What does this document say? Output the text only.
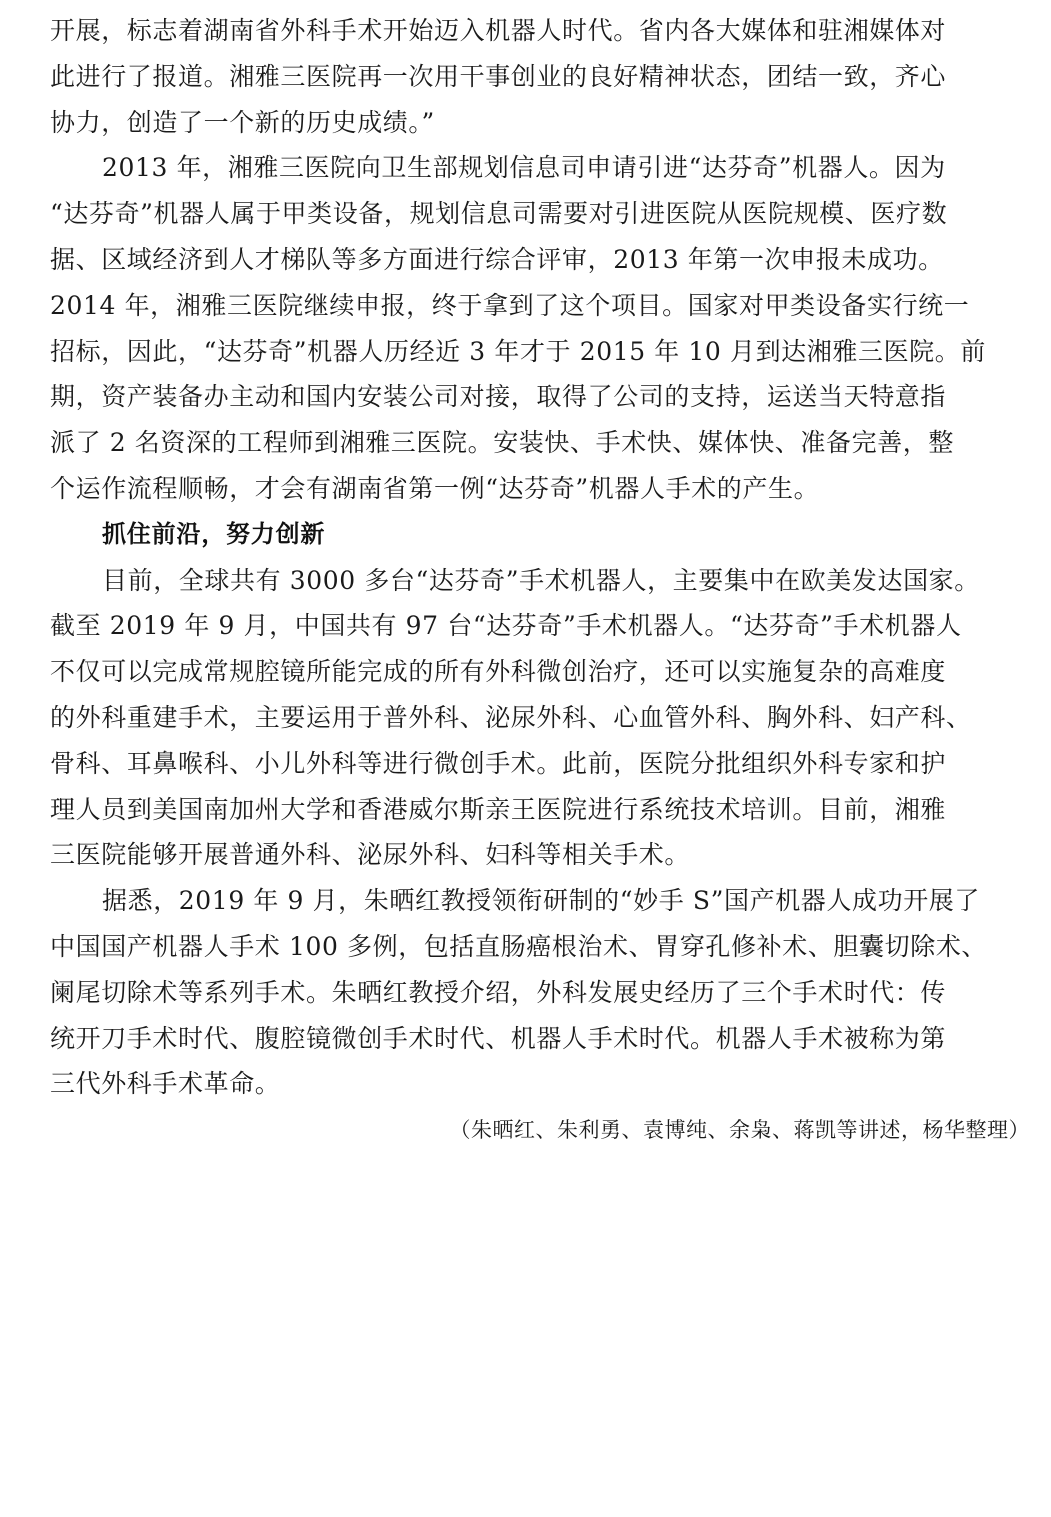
开展，标志着湖南省外科手术开始迈入机器人时代。省内各大媒体和驻湘媒体对
此进行了报道。湘雅三医院再一次用干事创业的良好精神状态，团结一致，齐心
协力，创造了一个新的历史成绩。”

2013 年，湘雅三医院向卫生部规划信息司申请引进“达芬奇”机器人。因为
“达芬奇”机器人属于甲类设备，规划信息司需要对引进医院从医院规模、医疗数
据、区域经济到人才梯队等多方面进行综合评审，2013 年第一次申报未成功。
2014 年，湘雅三医院继续申报，终于拿到了这个项目。国家对甲类设备实行统一
招标，因此，“达芬奇”机器人历经近 3 年才于 2015 年 10 月到达湘雅三医院。前
期，资产装备办主动和国内安装公司对接，取得了公司的支持，运送当天特意指
派了 2 名资深的工程师到湘雅三医院。安装快、手术快、媒体快、准备完善，整
个运作流程顺畅，才会有湖南省第一例“达芬奇”机器人手术的产生。

抓住前沿，努力创新

目前，全球共有 3000 多台“达芬奇”手术机器人，主要集中在欧美发达国家。
截至 2019 年 9 月，中国共有 97 台“达芬奇”手术机器人。“达芬奇”手术机器人
不仅可以完成常规腔镜所能完成的所有外科微创治疗，还可以实施复杂的高难度
的外科重建手术，主要运用于普外科、泌尿外科、心血管外科、胸外科、妇产科、
骨科、耳鼻喉科、小儿外科等进行微创手术。此前，医院分批组织外科专家和护
理人员到美国南加州大学和香港威尔斯亲王医院进行系统技术培训。目前，湘雅
三医院能够开展普通外科、泌尿外科、妇科等相关手术。

据悉，2019 年 9 月，朱晒红教授领衔研制的“妙手 S”国产机器人成功开展了
中国国产机器人手术 100 多例，包括直肠癌根治术、胃穿孔修补术、胆囊切除术、
阑尾切除术等系列手术。朱晒红教授介绍，外科发展史经历了三个手术时代：传
统开刀手术时代、腹腔镜微创手术时代、机器人手术时代。机器人手术被称为第
三代外科手术革命。

（朱晒红、朱利勇、袁博纯、余枭、蒋凯等讲述，杨华整理）
